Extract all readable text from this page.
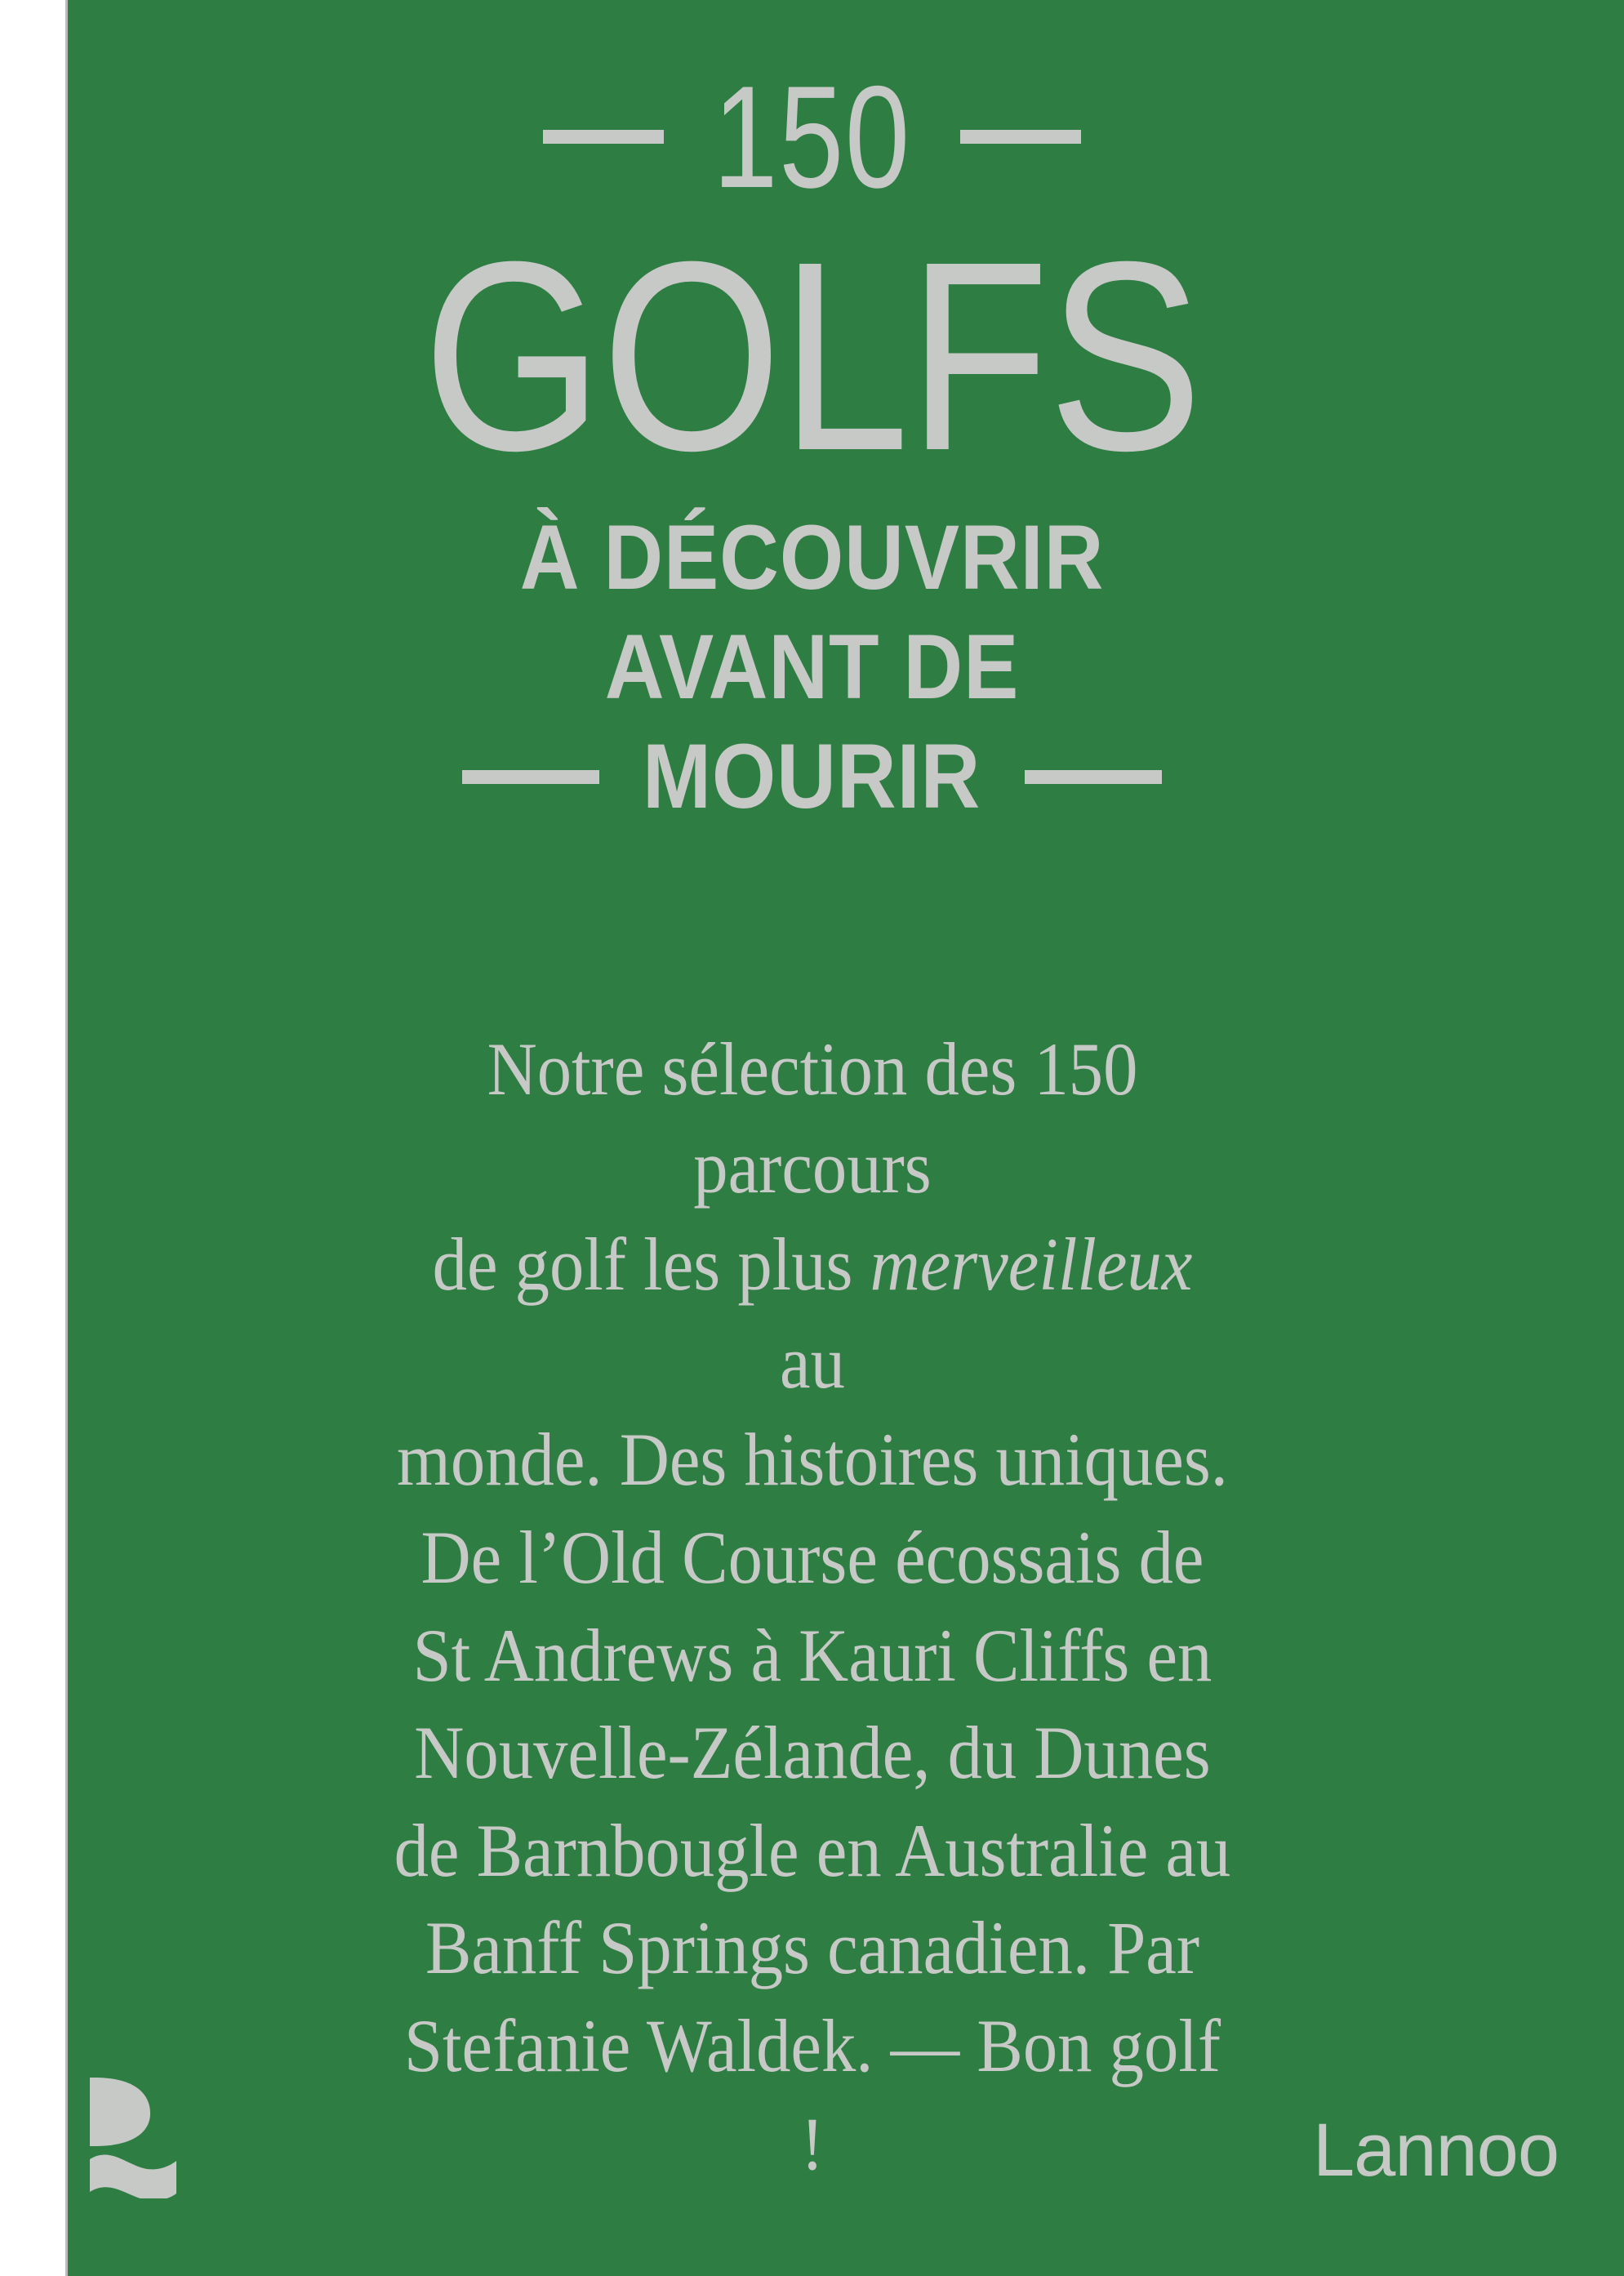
150
GOLFS
À DÉCOUVRIR
AVANT DE
MOURIR
Notre sélection des 150 parcours
de golf les plus merveilleux au
monde. Des histoires uniques.
De l’Old Course écossais de
St Andrews à Kauri Cliffs en
Nouvelle-Zélande, du Dunes
de Barnbougle en Australie au
Banff Springs canadien. Par
Stefanie Waldek. — Bon golf !	Lannoo
